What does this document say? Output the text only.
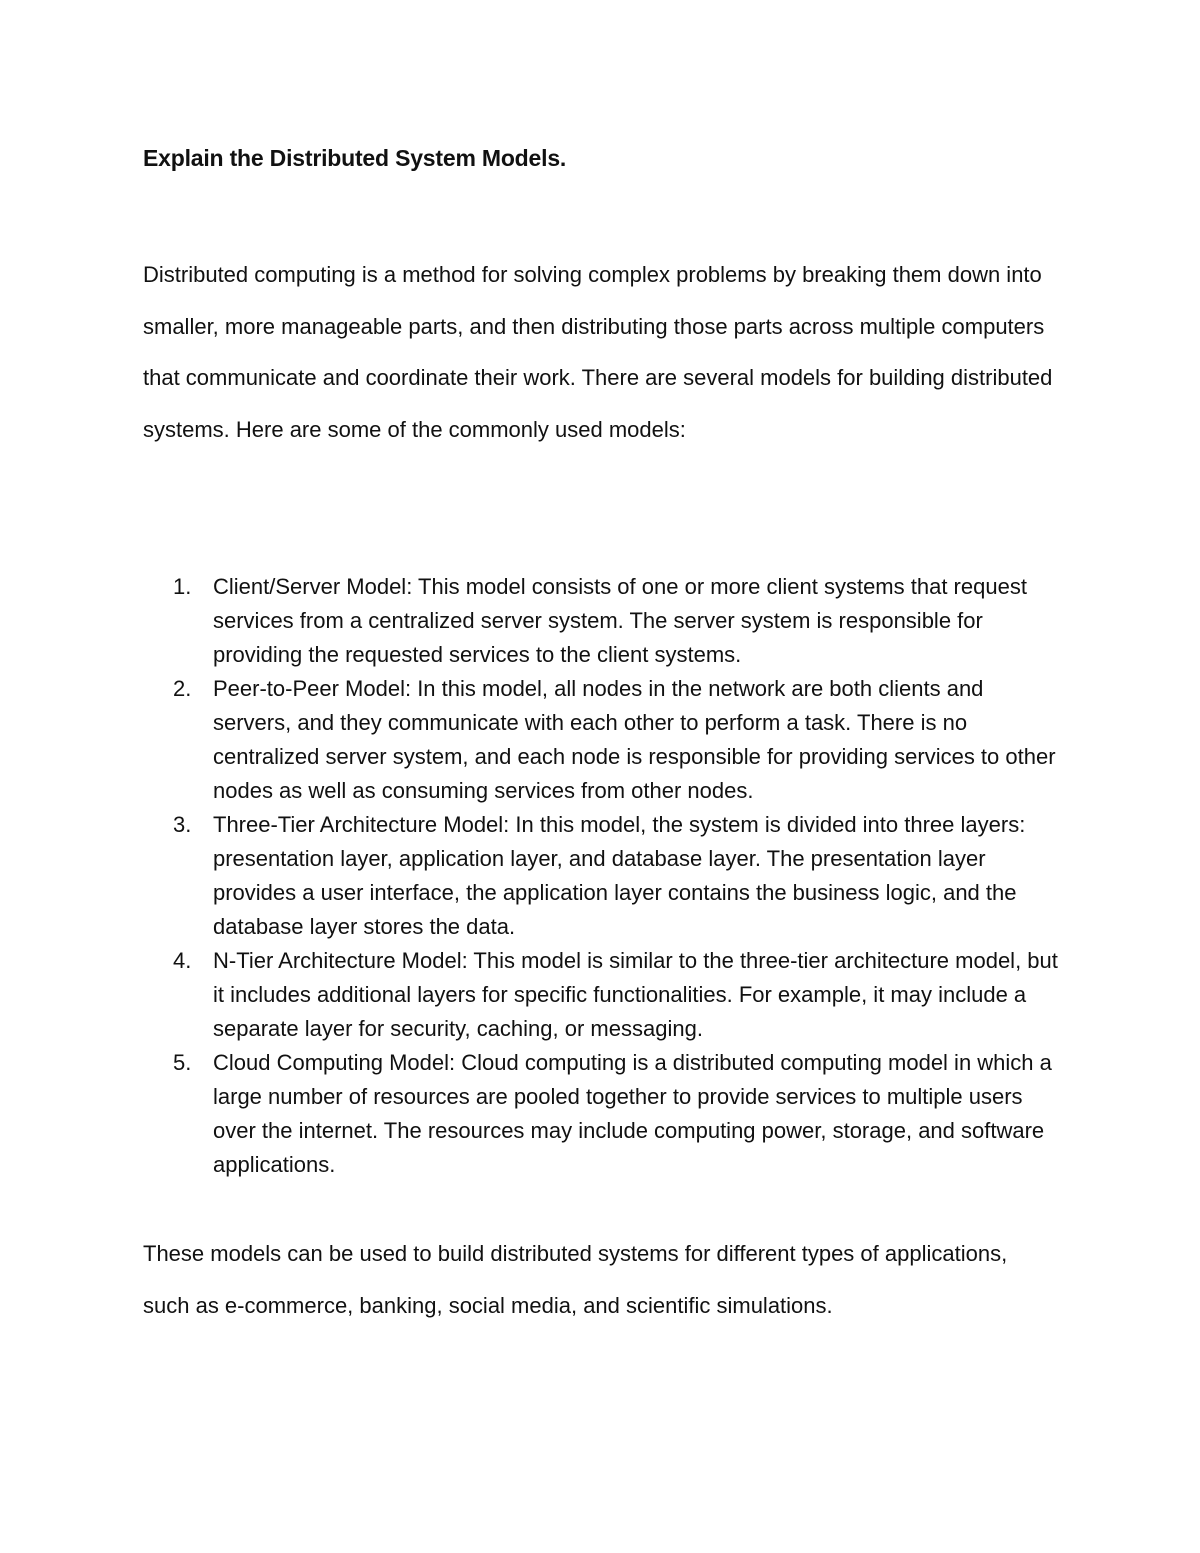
Explain the Distributed System Models.

Distributed computing is a method for solving complex problems by breaking them down into smaller, more manageable parts, and then distributing those parts across multiple computers that communicate and coordinate their work. There are several models for building distributed systems. Here are some of the commonly used models:

1. Client/Server Model: This model consists of one or more client systems that request services from a centralized server system. The server system is responsible for providing the requested services to the client systems.
2. Peer-to-Peer Model: In this model, all nodes in the network are both clients and servers, and they communicate with each other to perform a task. There is no centralized server system, and each node is responsible for providing services to other nodes as well as consuming services from other nodes.
3. Three-Tier Architecture Model: In this model, the system is divided into three layers: presentation layer, application layer, and database layer. The presentation layer provides a user interface, the application layer contains the business logic, and the database layer stores the data.
4. N-Tier Architecture Model: This model is similar to the three-tier architecture model, but it includes additional layers for specific functionalities. For example, it may include a separate layer for security, caching, or messaging.
5. Cloud Computing Model: Cloud computing is a distributed computing model in which a large number of resources are pooled together to provide services to multiple users over the internet. The resources may include computing power, storage, and software applications.

These models can be used to build distributed systems for different types of applications, such as e-commerce, banking, social media, and scientific simulations.
